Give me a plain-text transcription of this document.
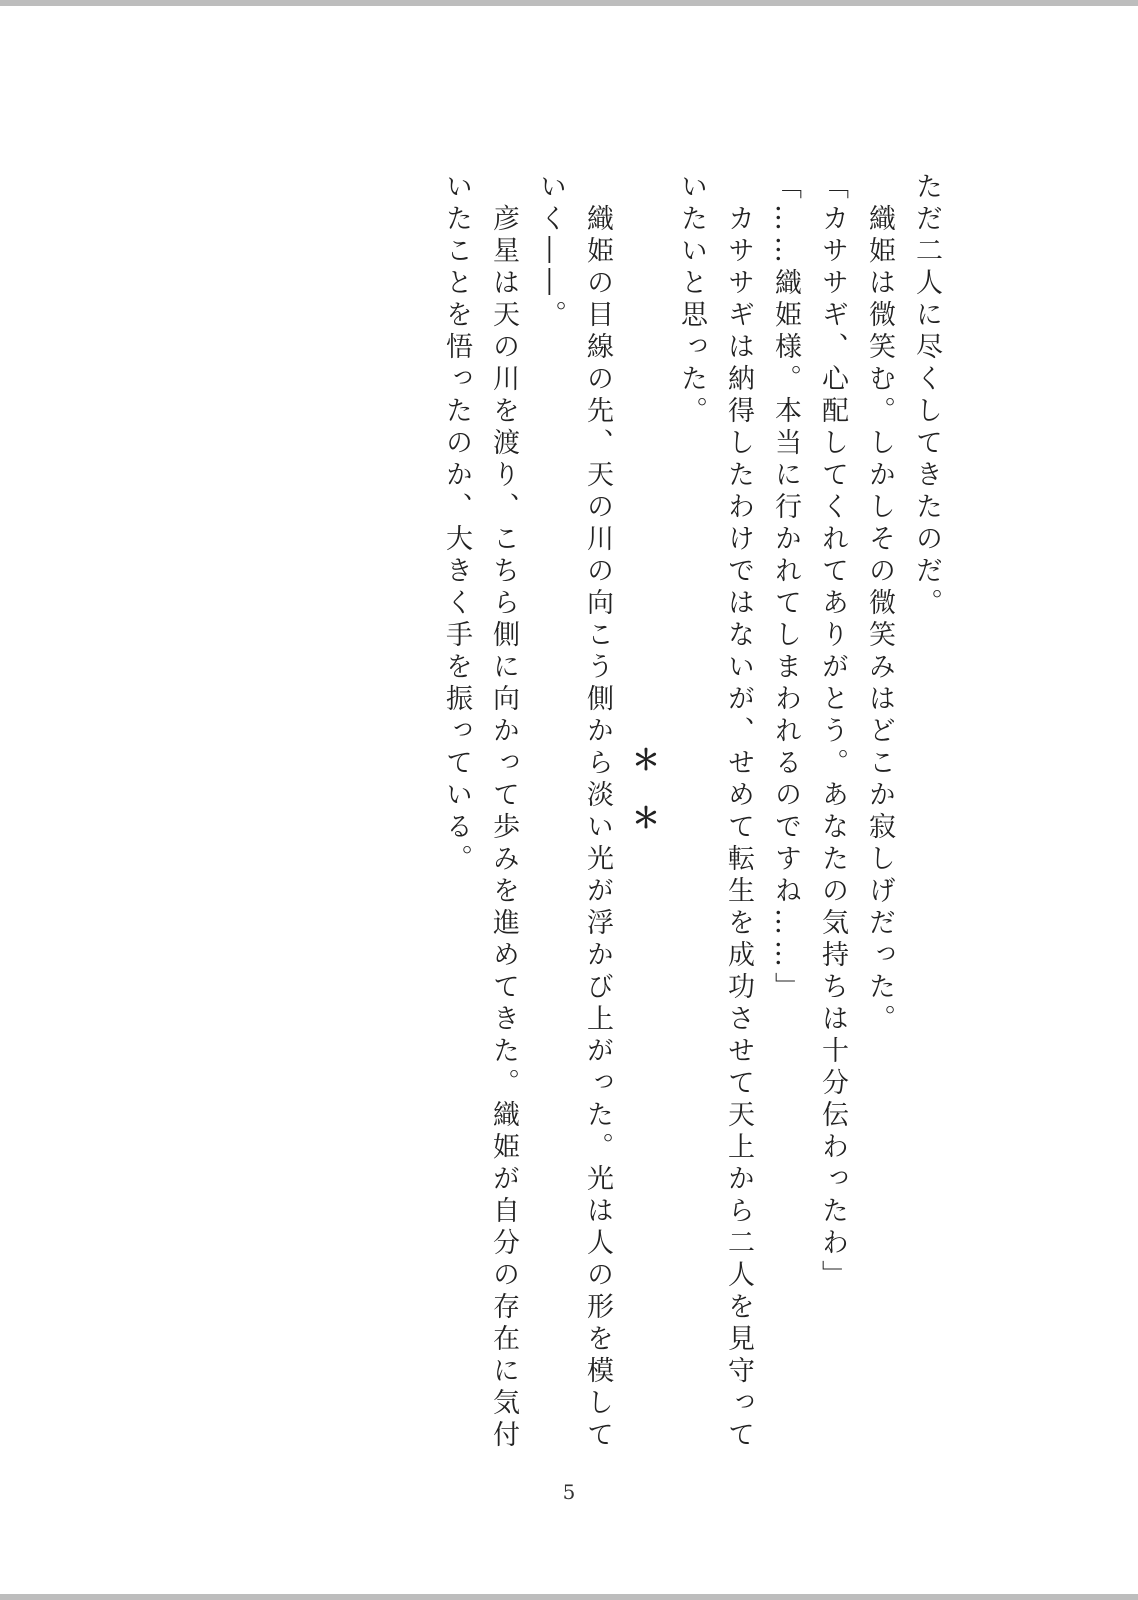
ただ二人に尽くしてきたのだ。
　織姫は微笑む。しかしその微笑みはどこか寂しげだった。
「カササギ、心配してくれてありがとう。あなたの気持ちは十分伝わったわ」
「……織姫様。本当に行かれてしまわれるのですね……」
　カササギは納得したわけではないが、せめて転生を成功させて天上から二人を見守って
いたいと思った。
＊＊
　織姫の目線の先、天の川の向こう側から淡い光が浮かび上がった。光は人の形を模して
いく――。
　彦星は天の川を渡り、こちら側に向かって歩みを進めてきた。織姫が自分の存在に気付
いたことを悟ったのか、大きく手を振っている。
5
